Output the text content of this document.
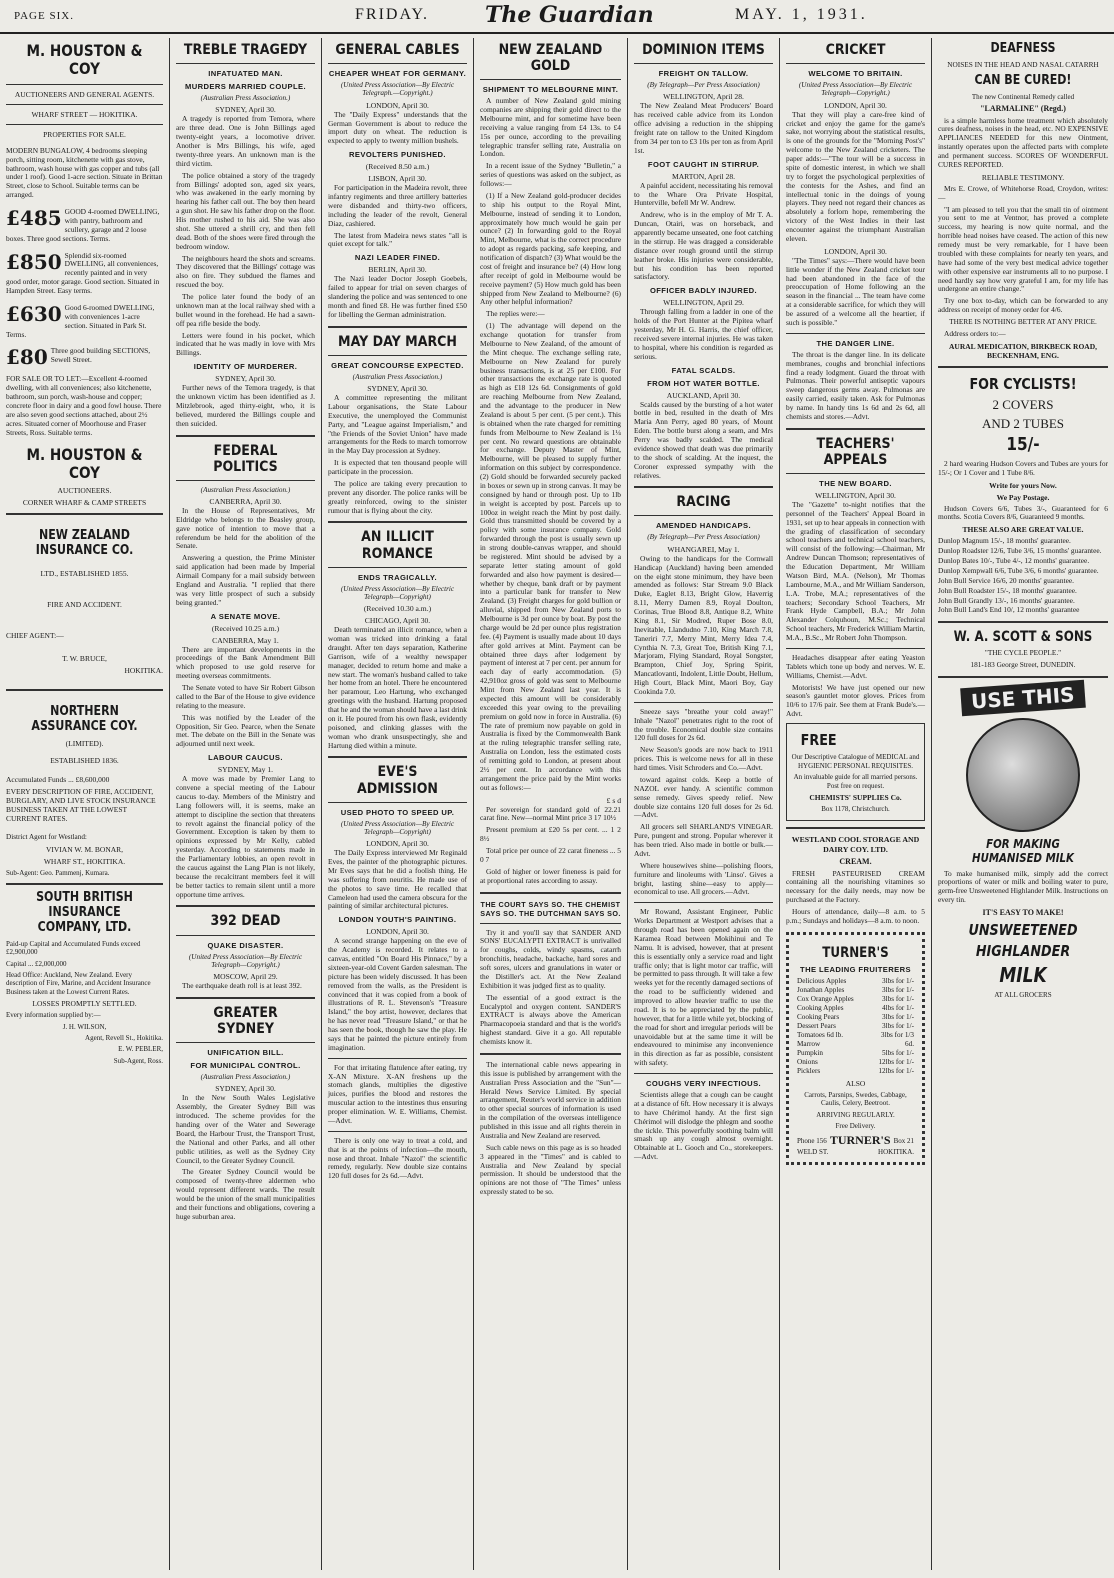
PAGE SIX.	FRIDAY.	The Guardian	MAY. 1, 1931.
M. HOUSTON & COY
AUCTIONEERS AND GENERAL AGENTS.
WHARF STREET — HOKITIKA.
PROPERTIES FOR SALE.
MODERN BUNGALOW, 4 bedrooms sleeping porch, sitting room, kitchenette with gas stove, bathroom, wash house with gas copper and tubs (all under 1 roof). Good 1-acre section. Situate in Brittan Street, close to School. Suitable terms can be arranged.
£485 GOOD 4-roomed DWELLING, with pantry, bathroom and scullery, garage and 2 loose boxes. Three good sections. Terms.
£850 Splendid six-roomed DWELLING, all conveniences, recently painted and in very good order, motor garage. Good section. Situated in Hampden Street. Easy terms.
£630 Good 6-roomed DWELLING, with conveniences 1-acre section. Situated in Park St. Terms.
£80 Three good building SECTIONS, Sewell Street.
FOR SALE OR TO LET:—Excellent 4-roomed dwelling, with all conveniences; also kitchenette, bathroom, sun porch, wash-house and copper; concrete floor in dairy and a good fowl house. There are also seven good sections attached, about 2½ acres. Situated corner of Moorhouse and Fraser Streets, Ross. Suitable terms.
M. HOUSTON & COY
AUCTIONEERS.
CORNER WHARF & CAMP STREETS
NEW ZEALAND INSURANCE CO.
LTD., ESTABLISHED 1855.
FIRE AND ACCIDENT.
CHIEF AGENT:—
T. W. BRUCE,
HOKITIKA.
NORTHERN ASSURANCE COY.
(LIMITED).
ESTABLISHED 1836.
Accumulated Funds ... £8,600,000
EVERY DESCRIPTION OF FIRE, ACCIDENT, BURGLARY, AND LIVE STOCK INSURANCE BUSINESS TAKEN AT THE LOWEST CURRENT RATES.
District Agent for Westland:
VIVIAN W. M. BONAR,
WHARF ST., HOKITIKA.
Sub-Agent: Geo. Pammenj, Kumara.
SOUTH BRITISH INSURANCE COMPANY, LTD.
Paid-up Capital and Accumulated Funds exceed £2,900,000
Capital ... £2,000,000
Head Office: Auckland, New Zealand. Every description of Fire, Marine, and Accident Insurance Business taken at the Lowest Current Rates.
LOSSES PROMPTLY SETTLED.
Every information supplied by:—
J. H. WILSON,
Agent, Revell St., Hokitika.
E. W. PEBLER,
Sub-Agent, Ross.
TREBLE TRAGEDY
INFATUATED MAN.
MURDERS MARRIED COUPLE.
(Australian Press Association.)
SYDNEY, April 30.

A tragedy is reported from Temora, where are three dead. One is John Billings aged twenty-eight years, a locomotive driver. Another is Mrs Billings, his wife, aged twenty-three years. An unknown man is the third victim.

The police obtained a story of the tragedy from Billings' adopted son, aged six years, who was awakened in the early morning by hearing his father call out. The boy then heard a gun shot. He saw his father drop on the floor. His mother rushed to his aid. She was also shot. She uttered a shrill cry, and then fell dead. Both of the shoes were fired through the bedroom window.

The neighbours heard the shots and screams. They discovered that the Billings' cottage was also on fire. They subdued the flames and rescued the boy.

The police later found the body of an unknown man at the local railway shed with a bullet wound in the forehead. He had a sawn-off pea rifle beside the body.

Letters were found in his pocket, which indicated that he was madly in love with Mrs Billings.

IDENTITY OF MURDERER.
SYDNEY, April 30.

Further news of the Temora tragedy, is that the unknown victim has been identified as J. Mitzlebrook, aged thirty-eight, who, it is believed, murdered the Billings couple and then suicided.

FEDERAL POLITICS
(Australian Press Association.)
CANBERRA, April 30.

In the House of Representatives, Mr Eldridge who belongs to the Beasley group, gave notice of intention to move that a referendum be held for the abolition of the Senate.

Answering a question, the Prime Minister said application had been made by Imperial Airmail Company for a mail subsidy between England and Australia. "I replied that there was very little prospect of such a subsidy being granted."

A SENATE MOVE.
(Received 10.25 a.m.)
CANBERRA, May 1.

There are important developments in the proceedings of the Bank Amendment Bill which proposed to use gold reserve for meeting overseas commitments.

The Senate voted to have Sir Robert Gibson called to the Bar of the House to give evidence relating to the measure.

This was notified by the Leader of the Opposition, Sir Geo. Pearce, when the Senate met. The debate on the Bill in the Senate was adjourned until next week.

LABOUR CAUCUS.
SYDNEY, May 1.

A move was made by Premier Lang to convene a special meeting of the Labour caucus to-day. Members of the Ministry and Lang followers will, it is seems, make an attempt to discipline the section that threatens to revolt against the financial policy of the Government. Exception is taken by them to opinions expressed by Mr Kelly, cabled yesterday. According to statements made in the Parliamentary lobbies, an open revolt in the caucus against the Lang Plan is not likely, because the recalcitrant members feel it will be better tactics to remain silent until a more opportune time arrives.

392 DEAD
QUAKE DISASTER.
(United Press Association—By Electric Telegraph—Copyright.)
MOSCOW, April 29.

The earthquake death roll is at least 392.

GREATER SYDNEY
UNIFICATION BILL.
FOR MUNICIPAL CONTROL.
(Australian Press Association.)
SYDNEY, April 30.

In the New South Wales Legislative Assembly, the Greater Sydney Bill was introduced. The scheme provides for the handing over of the Water and Sewerage Board, the Harbour Trust, the Transport Trust, the National and other Parks, and all other public utilities, as well as the Sydney City Council, to the Greater Sydney Council.

The Greater Sydney Council would be composed of twenty-three aldermen who would represent different wards. The result would be the union of the small municipalities and their functions and obligations, covering a huge suburban area.

GENERAL CABLES
CHEAPER WHEAT FOR GERMANY.
(United Press Association—By Electric Telegraph.—Copyright.)
LONDON, April 30.

The "Daily Express" understands that the German Government is about to reduce the import duty on wheat. The reduction is expected to apply to twenty million bushels.

REVOLTERS PUNISHED.
(Received 8.50 a.m.)
LISBON, April 30.

For participation in the Madeira revolt, three infantry regiments and three artillery batteries were disbanded and thirty-two officers, including the leader of the revolt, General Diaz, cashiered.

The latest from Madeira news states "all is quiet except for talk."

NAZI LEADER FINED.
BERLIN, April 30.

The Nazi leader Doctor Joseph Goebels, failed to appear for trial on seven charges of slandering the police and was sentenced to one month and fined £8. He was further fined £50 for libelling the German administration.

MAY DAY MARCH
GREAT CONCOURSE EXPECTED.
(Australian Press Association.)
SYDNEY, April 30.

A committee representing the militant Labour organisations, the State Labour Executive, the unemployed the Communist Party, and "League against Imperialism," and "the Friends of the Soviet Union" have made arrangements for the Reds to march tomorrow in the May Day procession at Sydney.

It is expected that ten thousand people will participate in the procession.

The police are taking every precaution to prevent any disorder. The police ranks will be greatly reinforced, owing to the sinister rumour that is flying about the city.

AN ILLICIT ROMANCE
ENDS TRAGICALLY.
(United Press Association—By Electric Telegraph—Copyright)
(Received 10.30 a.m.)
CHICAGO, April 30.

Death terminated an illicit romance, when a woman was tricked into drinking a fatal draught. After ten days separation, Katherine Garrison, wife of a wealthy newspaper manager, decided to return home and make a new start. The woman's husband called to take her home from an hotel. There he encountered her paramour, Leo Hartung, who exchanged greetings with the husband. Hartung proposed that he and the woman should have a last drink on it. He poured from his own flask, evidently poisoned, and clinking glasses with the woman who drank unsuspectingly, she and Hartung died within a minute.

EVE'S ADMISSION
USED PHOTO TO SPEED UP.
(United Press Association—By Electric Telegraph—Copyright)
LONDON, April 30.

The Daily Express interviewed Mr Reginald Eves, the painter of the photographic pictures. Mr Eves says that he did a foolish thing. He was suffering from neuritis. He made use of the photos to save time. He recalled that Cameleon had used the camera obscura for the painting of similar architectural pictures.

LONDON YOUTH'S PAINTING.
LONDON, April 30.

A second strange happening on the eve of the Academy is recorded. It relates to a canvas, entitled "On Board His Pinnace," by a sixteen-year-old Covent Garden salesman. The picture has been widely discussed. It has been removed from the walls, as the President is convinced that it was copied from a book of illustrations of R. L. Stevenson's "Treasure Island," the boy artist, however, declares that he has never read "Treasure Island," or that he has seen the book, though he saw the play. He says that he painted the picture entirely from imagination.

For that irritating flatulence after eating, try X-AN Mixture. X-AN freshens up the stomach glands, multiplies the digestive juices, purifies the blood and restores the muscular action to the intestines thus ensuring proper elimination. W. E. Williams, Chemist.—Advt.

There is only one way to treat a cold, and that is at the points of infection—the mouth, nose and throat. Inhale "Nazol" the scientific remedy, regularly. New double size contains 120 full doses for 2s 6d.—Advt.

NEW ZEALAND GOLD
SHIPMENT TO MELBOURNE MINT.

A number of New Zealand gold mining companies are shipping their gold direct to the Melbourne mint, and for sometime have been receiving a value ranging from £4 13s. to £4 15s per ounce, according to the prevailing telegraphic transfer selling rate, Australia on London.

In a recent issue of the Sydney "Bulletin," a series of questions was asked on the subject, as follows:—

(1) If a New Zealand gold-producer decides to ship his output to the Royal Mint, Melbourne, instead of sending it to London, approximately how much would he gain per ounce? (2) In forwarding gold to the Royal Mint, Melbourne, what is the correct procedure to adopt as regards packing, safe keeping, and notification of dispatch? (3) What would be the cost of freight and insurance be? (4) How long after receipt of gold in Melbourne would be receive payment? (5) How much gold has been shipped from New Zealand to Melbourne? (6) Any other helpful information?

The replies were:—

(1) The advantage will depend on the exchange quotation for transfer from Melbourne to New Zealand, of the amount of the Mint cheque. The exchange selling rate, Melbourne on New Zealand for purely business transactions, is at 25 per £100. For other transactions the exchange rate is quoted as high as £18 12s 6d. Consignments of gold are reaching Melbourne from New Zealand, and the advantage to the producer in New Zealand is about 5 per cent. (5 per cent.). This is obtained when the rate charged for remitting funds from Melbourne to New Zealand is 1¼ per cent. No reward questions are obtainable for exchange. Deputy Master of Mint, Melbourne, will be pleased to supply further information on this subject by correspondence. (2) Gold should be forwarded securely packed in boxes or sewn up in strong canvas. It may be consigned by hand or through post. Up to 1lb in weight is accepted by post. Parcels up to 100oz in weight reach the Mint by post daily. Gold thus transmitted should be covered by a policy with some insurance company. Gold forwarded through the post is usually sewn up in strong double-canvas wrapper, and should be registered. Mint should be advised by a separate letter stating amount of gold forwarded and also how payment is desired—whether by cheque, bank draft or by payment into a particular bank for transfer to New Zealand. (3) Freight charges for gold bullion or alluvial, shipped from New Zealand ports to Melbourne is 3d per ounce by boat. By post the charge would be 2d per ounce plus registration fee. (4) Payment is usually made about 10 days after gold arrives at Mint. Payment can be obtained three days after lodgement by payment of interest at 7 per cent. per annum for each day of early accommodation. (5) 42,910oz gross of gold was sent to Melbourne Mint from New Zealand last year. It is expected this amount will be considerably exceeded this year owing to the prevailing premium on gold now in force in Australia. (6) The rate of premium now payable on gold in Australia is fixed by the Commonwealth Bank at the ruling telegraphic transfer selling rate, Australia on London, less the estimated costs of remitting gold to London, at present about 2½ per cent. In accordance with this arrangement the price paid by the Mint works out as follows:—

£ s d

Per sovereign for standard gold of 22.21 carat fine. New—normal Mint price 3 17 10½

Present premium at £20 5s per cent. ... 1 2 8½

Total price per ounce of 22 carat fineness ... 5 0 7

Gold of higher or lower fineness is paid for at proportional rates according to assay.

THE COURT SAYS SO. THE CHEMIST SAYS SO. THE DUTCHMAN SAYS SO.

Try it and you'll say that SANDER AND SONS' EUCALYPTI EXTRACT is unrivalled for coughs, colds, windy spasms, catarrh bronchitis, headache, backache, hard sores and soft sores, ulcers and granulations in water or the Distiller's act. At the New Zealand Exhibition it was judged first as to quality.

The essential of a good extract is the Eucalyptol and oxygen content. SANDER'S EXTRACT is always above the American Pharmacopoeia standard and that is the world's highest standard. Give it a go. All reputable chemists know it.

The international cable news appearing in this issue is published by arrangement with the Australian Press Association and the "Sun"—Herald News Service Limited. By special arrangement, Reuter's world service in addition to other special sources of information is used in the compilation of the overseas intelligence published in this issue and all rights therein in Australia and New Zealand are reserved.

Such cable news on this page as is so headed 3 appeared in the "Times" and is cabled to Australia and New Zealand by special permission. It should be understood that the opinions are not those of "The Times" unless expressly stated to be so.

DOMINION ITEMS
FREIGHT ON TALLOW.
(By Telegraph—Per Press Association)
WELLINGTON, April 28.

The New Zealand Meat Producers' Board has received cable advice from its London office advising a reduction in the shipping freight rate on tallow to the United Kingdom from 34 per ton to £3 10s per ton as from April 1st.

FOOT CAUGHT IN STIRRUP.
MARTON, April 28.

A painful accident, necessitating his removal to the Whare Ora Private Hospital, Hunterville, befell Mr W. Andrew.

Andrew, who is in the employ of Mr T. A. Duncan, Otairi, was on horseback, and apparently became unseated, one foot catching in the stirrup. He was dragged a considerable distance over rough ground until the stirrup leather broke. His injuries were considerable, but his condition has been reported satisfactory.

OFFICER BADLY INJURED.
WELLINGTON, April 29.

Through falling from a ladder in one of the holds of the Port Hunter at the Pipitea wharf yesterday, Mr H. G. Harris, the chief officer, received severe internal injuries. He was taken to hospital, where his condition is regarded as serious.

FATAL SCALDS.
FROM HOT WATER BOTTLE.
AUCKLAND, April 30.

Scalds caused by the bursting of a hot water bottle in bed, resulted in the death of Mrs Maria Ann Perry, aged 80 years, of Mount Eden. The bottle burst along a seam, and Mrs Perry was badly scalded. The medical evidence showed that death was due primarily to the shock of scalding. At the inquest, the Coroner expressed sympathy with the relatives.

RACING
AMENDED HANDICAPS.
(By Telegraph—Per Press Association)
WHANGAREI, May 1.

Owing to the handicaps for the Cornwall Handicap (Auckland) having been amended on the eight stone minimum, they have been amended as follows: Star Stream 9.0 Black Duke, Eaglet 8.13, Bright Glow, Haverrig 8.11, Merry Damen 8.9, Royal Doulton, Corinas, True Blood 8.8, Antique 8.2, White King 8.1, Sir Modred, Ruper Bose 8.0, Inevitable, Llandudno 7.10, King March 7.8, Taneriri 7.7, Merry Mint, Merry Idea 7.4, Cynthia N. 7.3, Great Toe, British King 7.1, Marjoram, Flying Standard, Royal Songster, Brampton, Chief Joy, Spring Spirit, Mancatlovanti, Indolent, Little Doubt, Hellum, High Court, Black Mint, Maori Boy, Gay Cookinda 7.0.

Sneeze says "breathe your cold away!" Inhale "Nazol" penetrates right to the root of the trouble. Economical double size contains 120 full doses for 2s 6d.

New Season's goods are now back to 1911 prices. This is welcome news for all in these hard times. Visit Schroders and Co.—Advt.

toward against colds. Keep a bottle of NAZOL ever handy. A scientific common sense remedy. Gives speedy relief. New double size contains 120 full doses for 2s 6d.—Advt.

All grocers sell SHARLAND'S VINEGAR. Pure, pungent and strong. Popular wherever it has been tried. Also made in bottle or bulk.—Advt.

Where housewives shine—polishing floors, furniture and linoleums with 'Linso'. Gives a bright, lasting shine—easy to apply—economical to use. All grocers.—Advt.

Mr Rowand, Assistant Engineer, Public Works Department at Westport advises that a through road has been opened again on the Karamea Road between Mokihinui and Te Namu. It is advised, however, that at present this is essentially only a service road and light traffic only; that is light motor car traffic, will be permitted to pass through. It will take a few weeks yet for the recently damaged sections of the road to be sufficiently widened and improved to allow heavier traffic to use the road. It is to be appreciated by the public, however, that for a little while yet, blocking of the road for short and irregular periods will be unavoidable but at the same time it will be endeavoured to minimise any inconvenience in this direction as far as possible, consistent with safety.

COUGHS VERY INFECTIOUS.

Scientists allege that a cough can be caught at a distance of 6ft. How necessary it is always to have Chérimol handy. At the first sign Chérimol will dislodge the phlegm and soothe the tickle. This powerfully soothing balm will smash up any cough almost overnight. Obtainable at L. Gooch and Co., storekeepers.—Advt.

CRICKET
WELCOME TO BRITAIN.
(United Press Association—By Electric Telegraph—Copyright.)
LONDON, April 30.

That they will play a care-free kind of cricket and enjoy the game for the game's sake, not worrying about the statistical results, is one of the grounds for the "Morning Post's" welcome to the New Zealand cricketers. The paper adds:—"The tour will be a success in spite of domestic interest, in which we shall try to forget the psychological perplexities of the contests for the Ashes, and find an intellectual tonic in the doings of young players. They need not regard their chances as absolutely a forlorn hope, remembering the victory of the West Indies in their last encounter against the triumphant Australian eleven.

LONDON, April 30.

"The Times" says:—There would have been little wonder if the New Zealand cricket tour had been abandoned in the face of the preoccupation of Home following an the season in the financial ... The team have come at a considerable sacrifice, for which they will be assured of a welcome all the heartier, if such is possible."

THE DANGER LINE.

The throat is the danger line. In its delicate membranes, coughs and bronchial infections find a ready lodgment. Guard the throat with Pulmonas. Their powerful antiseptic vapours sweep dangerous germs away. Pulmonas are easily carried, easily taken. Ask for Pulmonas by name. In handy tins 1s 6d and 2s 6d, all chemists and stores.—Advt.

TEACHERS' APPEALS
THE NEW BOARD.
WELLINGTON, April 30.

The "Gazette" to-night notifies that the personnel of the Teachers' Appeal Board in 1931, set up to hear appeals in connection with the grading of classification of secondary school teachers and technical school teachers, will consist of the following:—Chairman, Mr Andrew Duncan Thomson; representatives of the Education Department, Mr William Watson Bird, M.A. (Nelson), Mr Thomas Lambourne, M.A., and Mr William Sanderson, L.A. Trobe, M.A.; representatives of the teachers; Secondary School Teachers, Mr Frank Hyde Campbell, B.A.; Mr John Alexander Colquhoun, M.Sc.; Technical School teachers, Mr Frederick William Martin, M.A., B.Sc., Mr Robert John Thompson.

Headaches disappear after eating Yeaston Tablets which tone up body and nerves. W. E. Williams, Chemist.—Advt.

Motorists! We have just opened our new season's gauntlet motor gloves. Prices from 10/6 to 17/6 pair. See them at Frank Bude's.—Advt.

FREE
Our Descriptive Catalogue of MEDICAL and HYGIENIC PERSONAL REQUISITES.
An invaluable guide for all married persons. Post free on request.
CHEMISTS' SUPPLIES Co.
Box 1178, Christchurch.
WESTLAND COOL STORAGE AND DAIRY COY. LTD.
CREAM.

FRESH PASTEURISED CREAM containing all the nourishing vitamines so necessary for the daily needs, may now be purchased at the Factory.

Hours of attendance, daily—8 a.m. to 5 p.m.; Sundays and holidays—8 a.m. to noon.

TURNER'S
THE LEADING FRUITERERS
Delicious Apples	3lbs for 1/-
Jonathan Apples	3lbs for 1/-
Cox Orange Apples	3lbs for 1/-
Cooking Apples	4lbs for 1/-
Cooking Pears	3lbs for 1/-
Dessert Pears	3lbs for 1/-
Tomatoes 6d lb.	3lbs for 1/3
Marrow	6d.
Pumpkin	5lbs for 1/-
Onions	12lbs for 1/-
Picklers	12lbs for 1/-
ALSO
Carrots, Parsnips, Swedes, Cabbage, Caulis, Celery, Beetroot.
ARRIVING REGULARLY.
Free Delivery.
Phone 156 TURNER'S Box 21
WELD ST.	HOKITIKA.
DEAFNESS
NOISES IN THE HEAD AND NASAL CATARRH
CAN BE CURED!
The new Continental Remedy called
"LARMALINE" (Regd.)

is a simple harmless home treatment which absolutely cures deafness, noises in the head, etc. NO EXPENSIVE APPLIANCES NEEDED for this new Ointment, instantly operates upon the affected parts with complete and permanent success. SCORES OF WONDERFUL CURES REPORTED.

RELIABLE TESTIMONY.

Mrs E. Crowe, of Whitehorse Road, Croydon, writes:—

"I am pleased to tell you that the small tin of ointment you sent to me at Ventnor, has proved a complete success, my hearing is now quite normal, and the horrible head noises have ceased. The action of this new remedy must be very remarkable, for I have been troubled with these complaints for nearly ten years, and have had some of the very best medical advice together with other expensive ear instruments all to no purpose. I need hardly say how very grateful I am, for my life has undergone an entire change."

Try one box to-day, which can be forwarded to any address on receipt of money order for 4/6.

THERE IS NOTHING BETTER AT ANY PRICE.

Address orders to:—

AURAL MEDICATION, BIRKBECK ROAD, BECKENHAM, ENG.
FOR CYCLISTS!
2 COVERS
AND 2 TUBES
15/-

2 hard wearing Hudson Covers and Tubes are yours for 15/-; Or 1 Cover and 1 Tube 8/6.

Write for yours Now.
We Pay Postage.

Hudson Covers 6/6, Tubes 3/-, Guaranteed for 6 months. Scotia Covers 8/6, Guaranteed 9 months.

THESE ALSO ARE GREAT VALUE.

Dunlop Magnum 15/-, 18 months' guarantee.

Dunlop Roadster 12/6, Tube 3/6, 15 months' guarantee.

Dunlop Bates 10/-, Tube 4/-, 12 months' guarantee.

Dunlop Xempwall 6/6, Tube 3/6, 6 months' guarantee.

John Bull Service 16/6, 20 months' guarantee.

John Bull Roadster 15/-, 18 months' guarantee.

John Bull Grandly 13/-, 16 months' guarantee.

John Bull Land's End 10/, 12 months' guarantee

W. A. SCOTT & SONS
"THE CYCLE PEOPLE."
181-183 George Street, DUNEDIN.
USE THIS
FOR MAKING HUMANISED MILK

To make humanised milk, simply add the correct proportions of water or milk and boiling water to pure, germ-free Unsweetened Highlander Milk. Instructions on every tin.

IT'S EASY TO MAKE!
UNSWEETENED
HIGHLANDER
MILK
AT ALL GROCERS
